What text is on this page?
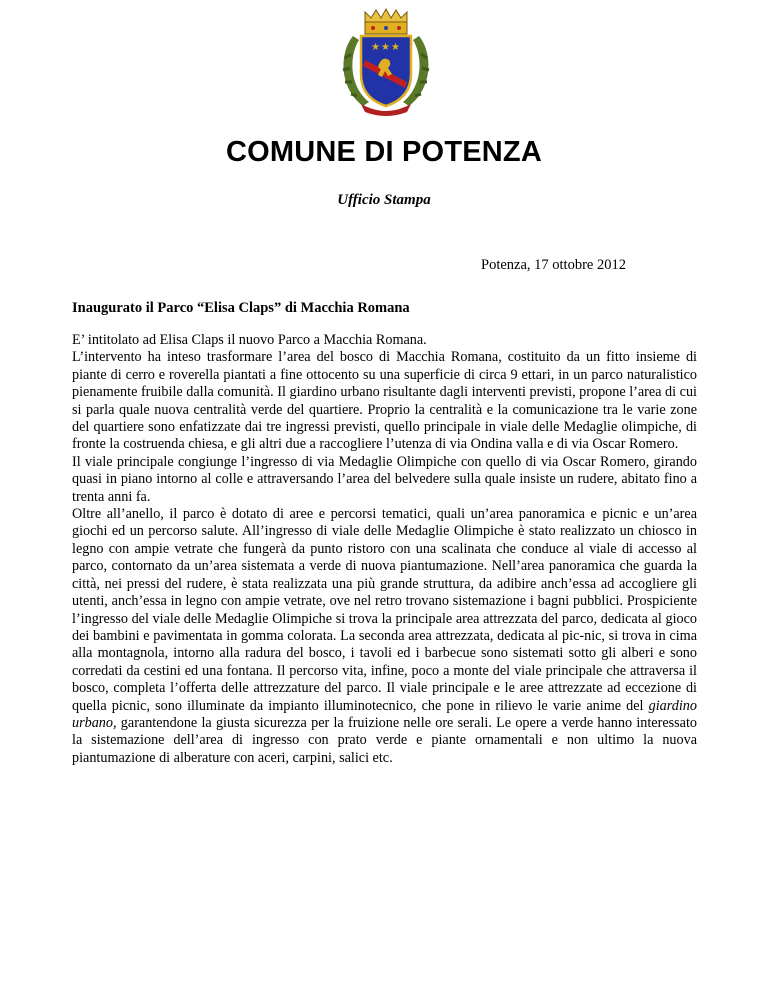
★ ★ ★
COMUNE DI POTENZA
Ufficio Stampa
Potenza, 17 ottobre 2012
Inaugurato il Parco “Elisa Claps” di Macchia Romana

E’ intitolato ad Elisa Claps il nuovo Parco a Macchia Romana.

L’intervento ha inteso trasformare l’area del bosco di Macchia Romana, costituito da un fitto insieme di piante di cerro e roverella piantati a fine ottocento su una superficie di circa 9 ettari, in un parco naturalistico pienamente fruibile dalla comunità. Il giardino urbano risultante dagli interventi previsti, propone l’area di cui si parla quale nuova centralità verde del quartiere. Proprio la centralità e la comunicazione tra le varie zone del quartiere sono enfatizzate dai tre ingressi previsti, quello principale in viale delle Medaglie olimpiche, di fronte la costruenda chiesa, e gli altri due a raccogliere l’utenza di via Ondina valla e di via Oscar Romero.

Il viale principale congiunge l’ingresso di via Medaglie Olimpiche con quello di via Oscar Romero, girando quasi in piano intorno al colle e attraversando l’area del belvedere sulla quale insiste un rudere, abitato fino a trenta anni fa.

Oltre all’anello, il parco è dotato di aree e percorsi tematici, quali un’area panoramica e picnic e un’area giochi ed un percorso salute. All’ingresso di viale delle Medaglie Olimpiche è stato realizzato un chiosco in legno con ampie vetrate che fungerà da punto ristoro con una scalinata che conduce al viale di accesso al parco, contornato da un’area sistemata a verde di nuova piantumazione. Nell’area panoramica che guarda la città, nei pressi del rudere, è stata realizzata una più grande struttura, da adibire anch’essa ad accogliere gli utenti, anch’essa in legno con ampie vetrate, ove nel retro trovano sistemazione i bagni pubblici. Prospiciente l’ingresso del viale delle Medaglie Olimpiche si trova la principale area attrezzata del parco, dedicata al gioco dei bambini e pavimentata in gomma colorata. La seconda area attrezzata, dedicata al pic-nic, si trova in cima alla montagnola, intorno alla radura del bosco, i tavoli ed i barbecue sono sistemati sotto gli alberi e sono corredati da cestini ed una fontana. Il percorso vita, infine, poco a monte del viale principale che attraversa il bosco, completa l’offerta delle attrezzature del parco. Il viale principale e le aree attrezzate ad eccezione di quella picnic, sono illuminate da impianto illuminotecnico, che pone in rilievo le varie anime del giardino urbano, garantendone la giusta sicurezza per la fruizione nelle ore serali. Le opere a verde hanno interessato la sistemazione dell’area di ingresso con prato verde e piante ornamentali e non ultimo la nuova piantumazione di alberature con aceri, carpini, salici etc.
